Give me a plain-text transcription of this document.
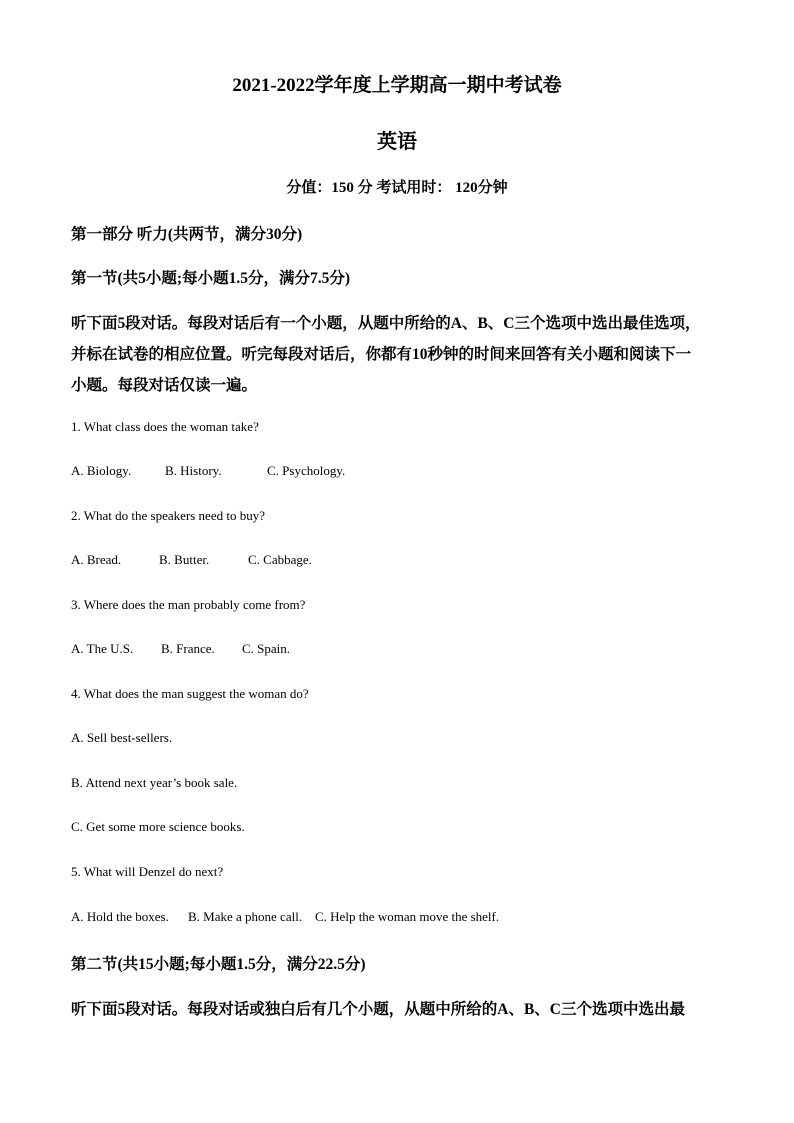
2021-2022学年度上学期高一期中考试卷
英语
分值：150 分 考试用时： 120分钟
第一部分 听力(共两节，满分30分)
第一节(共5小题;每小题1.5分，满分7.5分)
听下面5段对话。每段对话后有一个小题，从题中所给的A、B、C三个选项中选出最佳选项，
并标在试卷的相应位置。听完每段对话后，你都有10秒钟的时间来回答有关小题和阅读下一
小题。每段对话仅读一遍。
1. What class does the woman take?
A. Biology.	B. History.	C. Psychology.
2. What do the speakers need to buy?
A. Bread.	B. Butter.	C. Cabbage.
3. Where does the man probably come from?
A. The U.S. B. France. C. Spain.
4. What does the man suggest the woman do?
A. Sell best-sellers.
B. Attend next year’s book sale.
C. Get some more science books.
5. What will Denzel do next?
A. Hold the boxes. B. Make a phone call. C. Help the woman move the shelf.
第二节(共15小题;每小题1.5分，满分22.5分)
听下面5段对话。每段对话或独白后有几个小题，从题中所给的A、B、C三个选项中选出最
